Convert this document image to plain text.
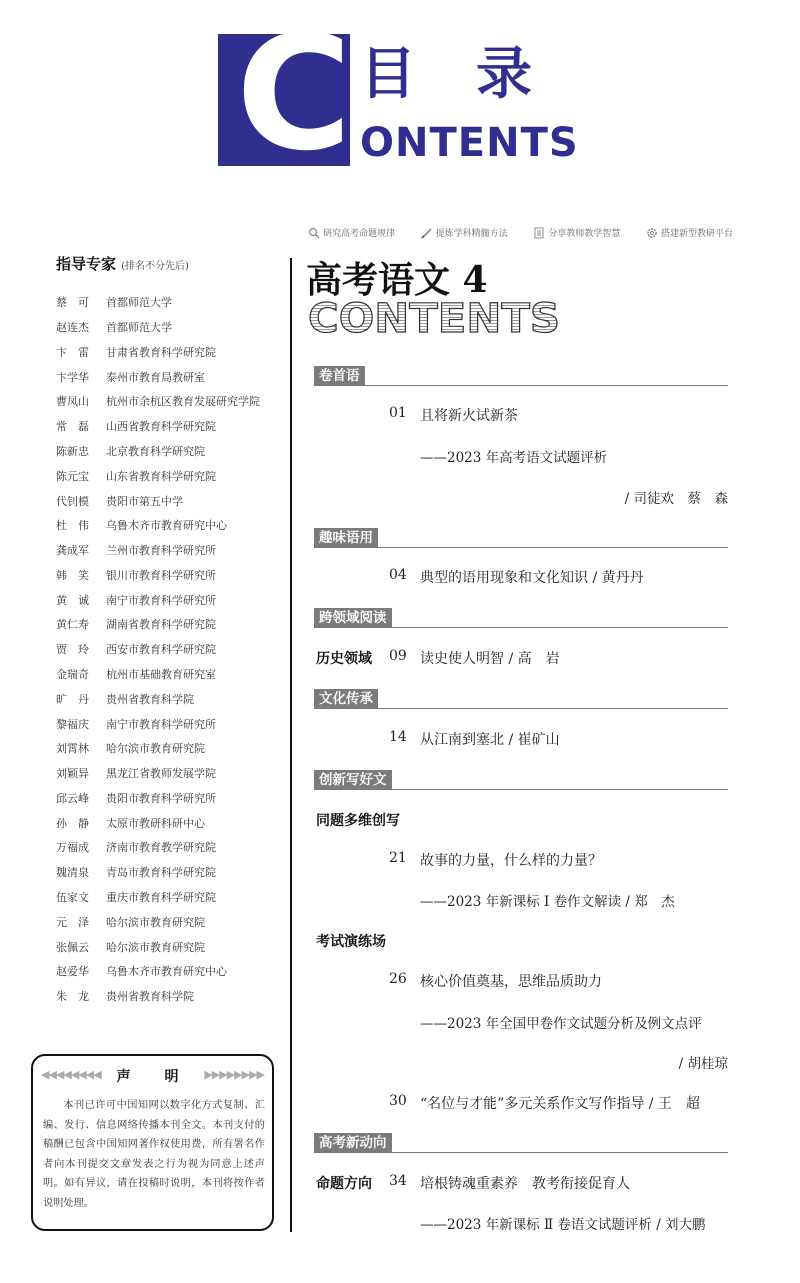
C 目录
ONTENTS
研究高考命题规律	提炼学科精髓方法	分享教师教学智慧	搭建新型教研平台
指导专家 (排名不分先后)
蔡　可 首都师范大学
赵连杰 首都师范大学
卞　雷 甘肃省教育科学研究院
卞学华 泰州市教育局教研室
曹凤山 杭州市余杭区教育发展研究学院
常　磊 山西省教育科学研究院
陈新忠 北京教育科学研究院
陈元宝 山东省教育科学研究院
代钊模 贵阳市第五中学
杜　伟 乌鲁木齐市教育研究中心
龚成军 兰州市教育科学研究所
韩　笑 银川市教育科学研究所
黄　诚 南宁市教育科学研究所
黄仁寿 湖南省教育科学研究院
贾　玲 西安市教育科学研究院
金瑞奇 杭州市基础教育研究室
旷　丹 贵州省教育科学院
黎福庆 南宁市教育科学研究所
刘霄林 哈尔滨市教育研究院
刘颖异 黑龙江省教师发展学院
邱云峰 贵阳市教育科学研究所
孙　静 太原市教研科研中心
万福成 济南市教育教学研究院
魏清泉 青岛市教育科学研究院
伍家文 重庆市教育科学研究院
元　泽 哈尔滨市教育研究院
张佩云 哈尔滨市教育研究院
赵爱华 乌鲁木齐市教育研究中心
朱　龙 贵州省教育科学院
◀◀◀◀◀◀◀◀	声　明	▶▶▶▶▶▶▶▶
本刊已许可中国知网以数字化方式复制、汇编、发行、信息网络传播本刊全文。本刊支付的稿酬已包含中国知网著作权使用费，所有署名作者向本刊提交文章发表之行为视为同意上述声明。如有异议，请在投稿时说明，本刊将按作者说明处理。
高考语文 4
CONTENTS
卷首语
01 且将新火试新茶
——2023 年高考语文试题评析
/ 司徒欢　蔡　森
趣味语用
04 典型的语用现象和文化知识 / 黄丹丹
跨领域阅读
历史领域 09 读史使人明智 / 高　岩
文化传承
14 从江南到塞北 / 崔矿山
创新写好文
同题多维创写
21 故事的力量，什么样的力量？
——2023 年新课标 Ⅰ 卷作文解读 / 郑　杰
考试演练场
26 核心价值奠基，思维品质助力
——2023 年全国甲卷作文试题分析及例文点评
/ 胡桂琼
30 “名位与才能”多元关系作文写作指导 / 王　超
高考新动向
命题方向 34 培根铸魂重素养　教考衔接促育人
——2023 年新课标 Ⅱ 卷语文试题评析 / 刘大鹏
